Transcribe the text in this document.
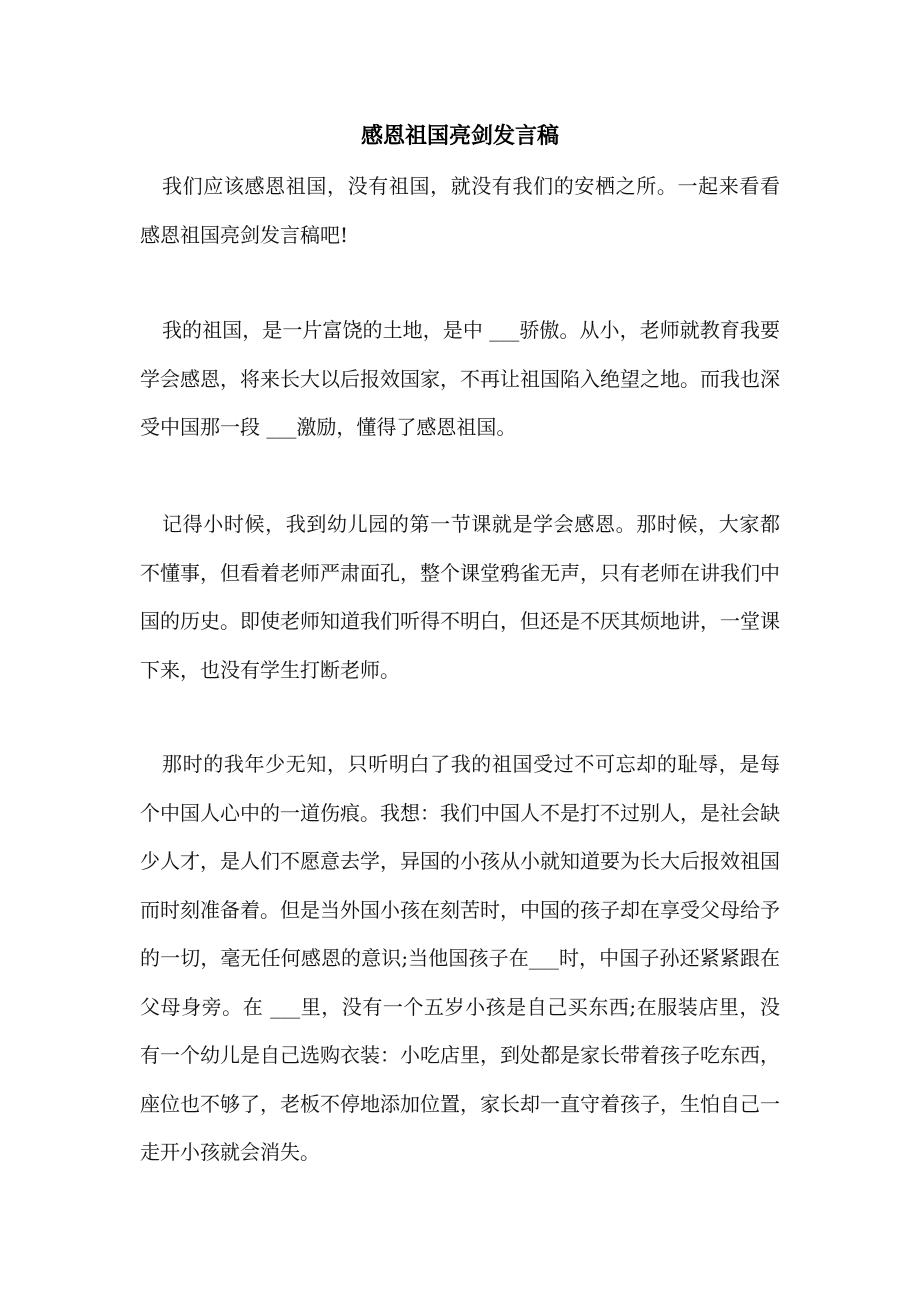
感恩祖国亮剑发言稿

我们应该感恩祖国，没有祖国，就没有我们的安栖之所。一起来看看感恩祖国亮剑发言稿吧!

我的祖国，是一片富饶的土地，是中 ___骄傲。从小，老师就教育我要学会感恩，将来长大以后报效国家，不再让祖国陷入绝望之地。而我也深受中国那一段 ___激励，懂得了感恩祖国。

记得小时候，我到幼儿园的第一节课就是学会感恩。那时候，大家都不懂事，但看着老师严肃面孔，整个课堂鸦雀无声，只有老师在讲我们中国的历史。即使老师知道我们听得不明白，但还是不厌其烦地讲，一堂课下来，也没有学生打断老师。

那时的我年少无知，只听明白了我的祖国受过不可忘却的耻辱，是每个中国人心中的一道伤痕。我想：我们中国人不是打不过别人，是社会缺少人才，是人们不愿意去学，异国的小孩从小就知道要为长大后报效祖国而时刻准备着。但是当外国小孩在刻苦时，中国的孩子却在享受父母给予的一切，毫无任何感恩的意识;当他国孩子在___时，中国子孙还紧紧跟在父母身旁。在 ___里，没有一个五岁小孩是自己买东西;在服装店里，没有一个幼儿是自己选购衣装：小吃店里，到处都是家长带着孩子吃东西，座位也不够了，老板不停地添加位置，家长却一直守着孩子，生怕自己一走开小孩就会消失。
